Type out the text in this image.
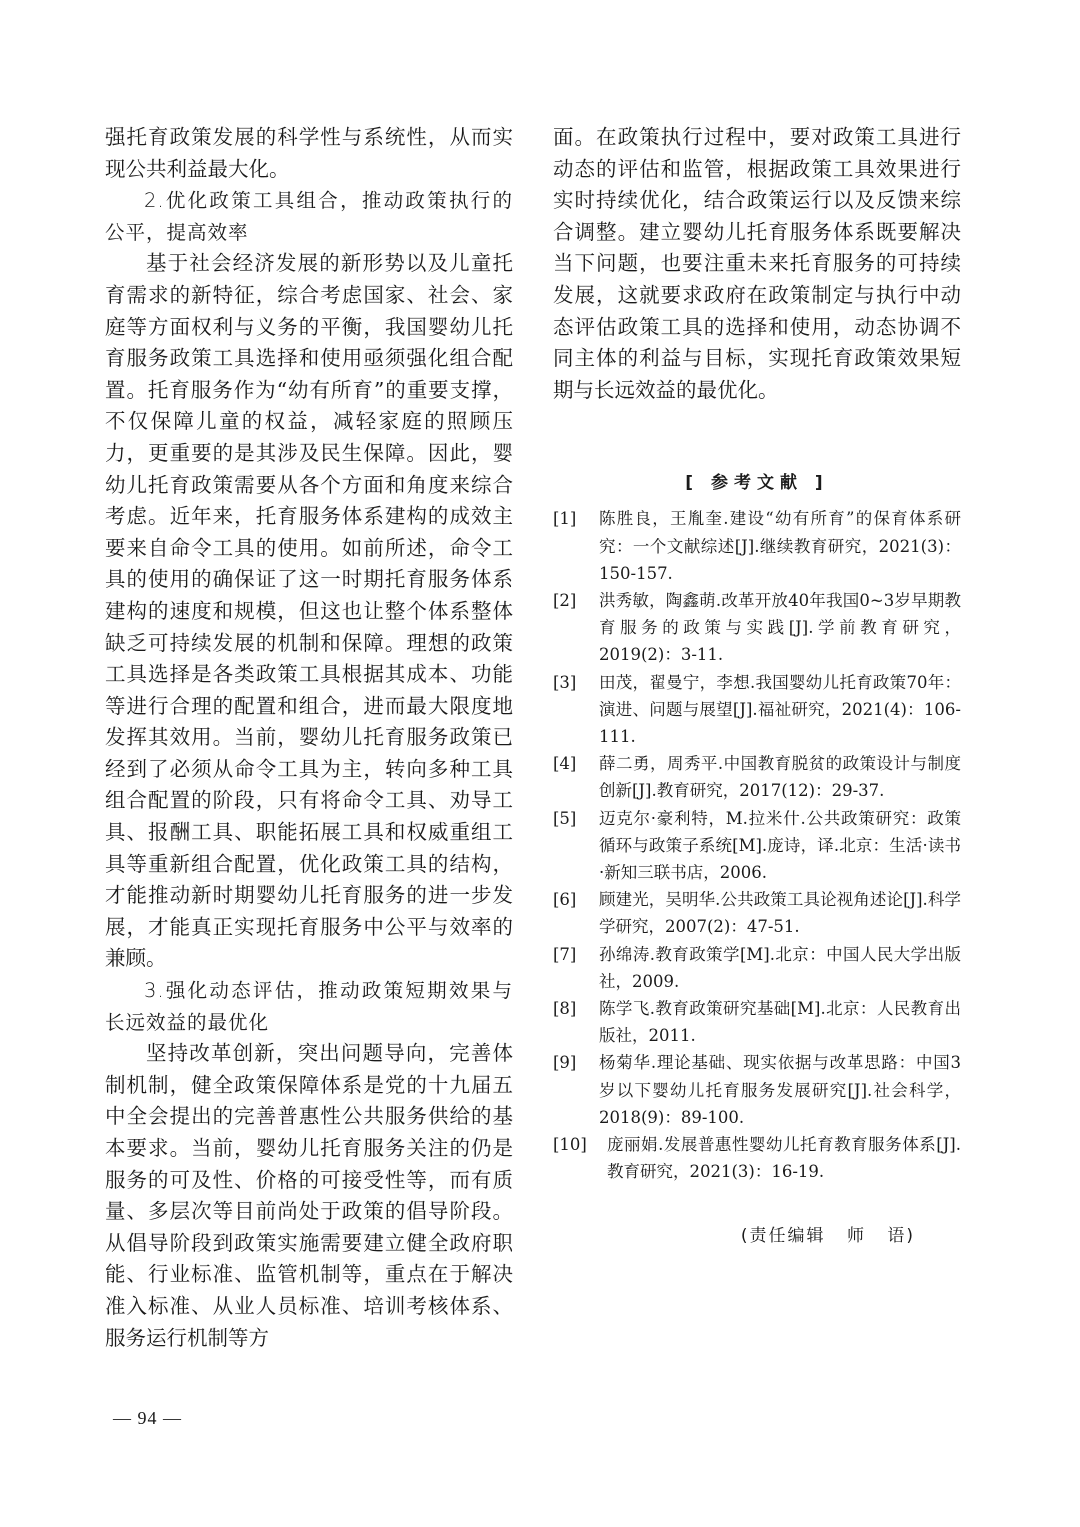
强托育政策发展的科学性与系统性，从而实现公共利益最大化。

2.优化政策工具组合，推动政策执行的公平，提高效率

基于社会经济发展的新形势以及儿童托育需求的新特征，综合考虑国家、社会、家庭等方面权利与义务的平衡，我国婴幼儿托育服务政策工具选择和使用亟须强化组合配置。托育服务作为“幼有所育”的重要支撑，不仅保障儿童的权益，减轻家庭的照顾压力，更重要的是其涉及民生保障。因此，婴幼儿托育政策需要从各个方面和角度来综合考虑。近年来，托育服务体系建构的成效主要来自命令工具的使用。如前所述，命令工具的使用的确保证了这一时期托育服务体系建构的速度和规模，但这也让整个体系整体缺乏可持续发展的机制和保障。理想的政策工具选择是各类政策工具根据其成本、功能等进行合理的配置和组合，进而最大限度地发挥其效用。当前，婴幼儿托育服务政策已经到了必须从命令工具为主，转向多种工具组合配置的阶段，只有将命令工具、劝导工具、报酬工具、职能拓展工具和权威重组工具等重新组合配置，优化政策工具的结构，才能推动新时期婴幼儿托育服务的进一步发展，才能真正实现托育服务中公平与效率的兼顾。

3.强化动态评估，推动政策短期效果与长远效益的最优化

坚持改革创新，突出问题导向，完善体制机制，健全政策保障体系是党的十九届五中全会提出的完善普惠性公共服务供给的基本要求。当前，婴幼儿托育服务关注的仍是服务的可及性、价格的可接受性等，而有质量、多层次等目前尚处于政策的倡导阶段。从倡导阶段到政策实施需要建立健全政府职能、行业标准、监管机制等，重点在于解决准入标准、从业人员标准、培训考核体系、服务运行机制等方

面。在政策执行过程中，要对政策工具进行动态的评估和监管，根据政策工具效果进行实时持续优化，结合政策运行以及反馈来综合调整。建立婴幼儿托育服务体系既要解决当下问题，也要注重未来托育服务的可持续发展，这就要求政府在政策制定与执行中动态评估政策工具的选择和使用，动态协调不同主体的利益与目标，实现托育政策效果短期与长远效益的最优化。

[ 参考文献 ]
[1]	陈胜良，王胤奎.建设“幼有所育”的保育体系研究：一个文献综述[J].继续教育研究，2021(3)：150-157.
[2]	洪秀敏，陶鑫萌.改革开放40年我国0~3岁早期教育服务的政策与实践[J].学前教育研究，2019(2)：3-11.
[3]	田茂，翟曼宁，李想.我国婴幼儿托育政策70年：演进、问题与展望[J].福祉研究，2021(4)：106-111.
[4]	薛二勇，周秀平.中国教育脱贫的政策设计与制度创新[J].教育研究，2017(12)：29-37.
[5]	迈克尔·豪利特，M.拉米什.公共政策研究：政策循环与政策子系统[M].庞诗，译.北京：生活·读书·新知三联书店，2006.
[6]	顾建光，吴明华.公共政策工具论视角述论[J].科学学研究，2007(2)：47-51.
[7]	孙绵涛.教育政策学[M].北京：中国人民大学出版社，2009.
[8]	陈学飞.教育政策研究基础[M].北京：人民教育出版社，2011.
[9]	杨菊华.理论基础、现实依据与改革思路：中国3岁以下婴幼儿托育服务发展研究[J].社会科学，2018(9)：89-100.
[10]	庞丽娟.发展普惠性婴幼儿托育教育服务体系[J].教育研究，2021(3)：16-19.
(责任编辑 师 语)
— 94 —
